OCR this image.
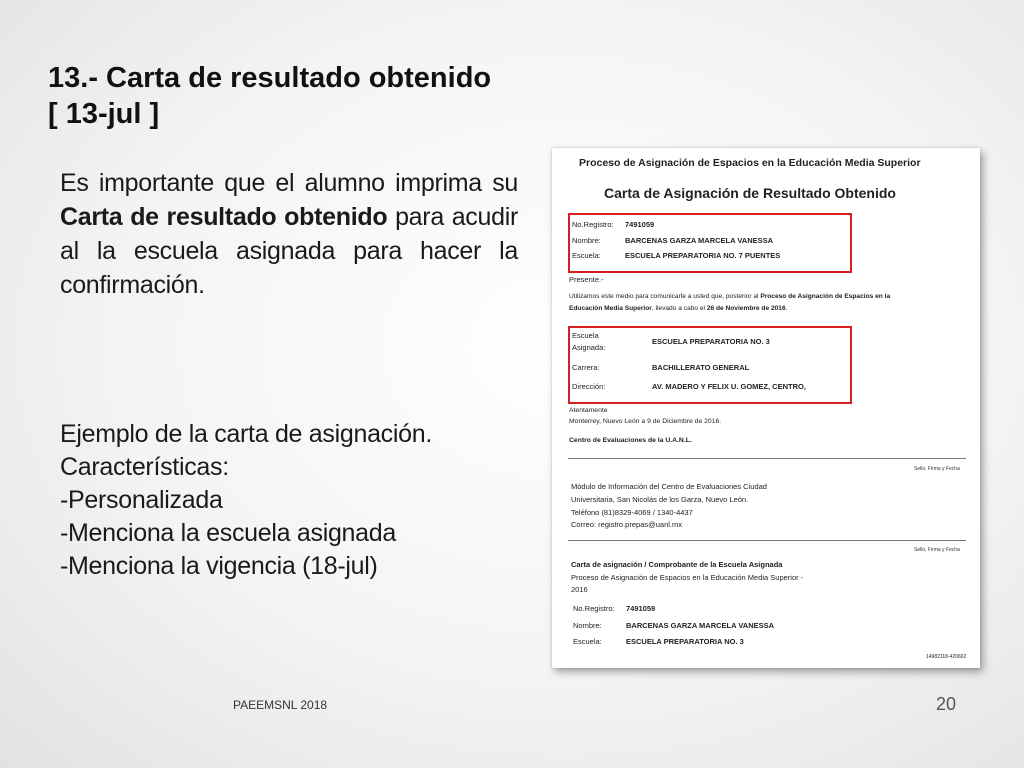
13.- Carta de resultado obtenido
[ 13-jul ]
Es importante que el alumno imprima su Carta de resultado obtenido para acudir al la escuela asignada para hacer la confirmación.
Ejemplo de la carta de asignación.
Características:
-Personalizada
-Menciona la escuela asignada
-Menciona la vigencia (18-jul)
Proceso de Asignación de Espacios en la Educación Media Superior
Carta de Asignación de Resultado Obtenido
No.Registro: 7491059
Nombre:	BARCENAS GARZA MARCELA VANESSA
Escuela:	ESCUELA PREPARATORIA NO. 7 PUENTES
Presente.-
Utilizamos este medio para comunicarle a usted que, posterior al Proceso de Asignación de Espacios en la
Educación Media Superior, llevado a cabo el 26 de Noviembre de 2016.
Escuela
Asignada:
ESCUELA PREPARATORIA NO. 3
Carrera:	BACHILLERATO GENERAL
Dirección:	AV. MADERO Y FELIX U. GOMEZ, CENTRO,
Atentamente
Monterrey, Nuevo León a 9 de Diciembre de 2016.
Centro de Evaluaciones de la U.A.N.L.
Sello, Firma y Fecha
Módulo de Información del Centro de Evaluaciones Ciudad
Universitaria, San Nicolás de los Garza, Nuevo León.
Teléfono (81)8329-4069 / 1340-4437
Correo: registro.prepas@uanl.mx
Sello, Firma y Fecha
Carta de asignación / Comprobante de la Escuela Asignada
Proceso de Asignación de Espacios en la Educación Media Superior -
2016
No.Registro: 7491059
Nombre:	BARCENAS GARZA MARCELA VANESSA
Escuela:	ESCUELA PREPARATORIA NO. 3
14982118-420602
PAEEMSNL 2018	20
